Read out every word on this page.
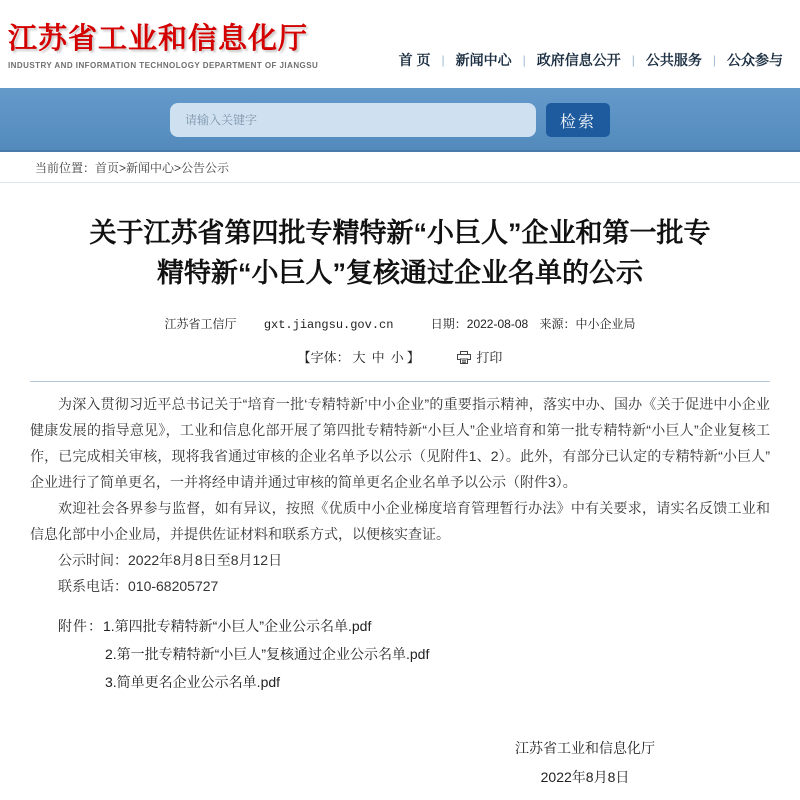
江苏省工业和信息化厅
INDUSTRY AND INFORMATION TECHNOLOGY DEPARTMENT OF JIANGSU	首 页 | 新闻中心 | 政府信息公开 | 公共服务 | 公众参与
请输入关键字
检索
当前位置：首页>新闻中心>公告公示
关于江苏省第四批专精特新“小巨人”企业和第一批专
精特新“小巨人”复核通过企业名单的公示
江苏省工信厅 gxt.jiangsu.gov.cn	日期：2022-08-08 来源：中小企业局
【字体： 大 中 小 】	打印

为深入贯彻习近平总书记关于“培育一批‘专精特新’中小企业”的重要指示精神，落实中办、国办《关于促进中小企业健康发展的指导意见》，工业和信息化部开展了第四批专精特新“小巨人”企业培育和第一批专精特新“小巨人”企业复核工作，已完成相关审核，现将我省通过审核的企业名单予以公示（见附件1、2）。此外，有部分已认定的专精特新“小巨人”企业进行了简单更名，一并将经申请并通过审核的简单更名企业名单予以公示（附件3）。

欢迎社会各界参与监督，如有异议，按照《优质中小企业梯度培育管理暂行办法》中有关要求，请实名反馈工业和信息化部中小企业局，并提供佐证材料和联系方式，以便核实查证。

公示时间：2022年8月8日至8月12日

联系电话：010-68205727

附件：1.第四批专精特新“小巨人”企业公示名单.pdf
2.第一批专精特新“小巨人”复核通过企业公示名单.pdf
3.简单更名企业公示名单.pdf
江苏省工业和信息化厅
2022年8月8日
